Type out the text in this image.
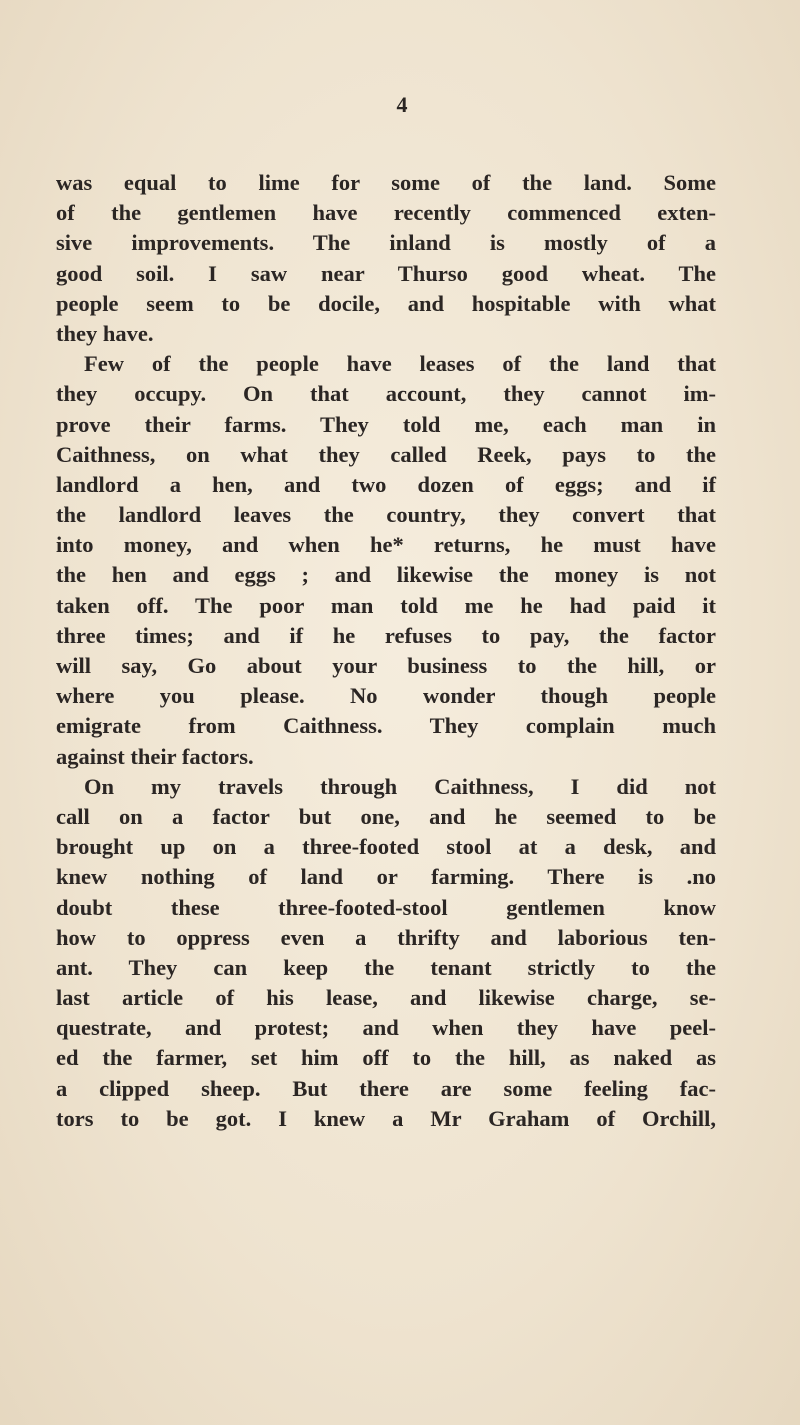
4
was equal to lime for some of the land. Some
of the gentlemen have recently commenced exten-
sive improvements. The inland is mostly of a
good soil. I saw near Thurso good wheat. The
people seem to be docile, and hospitable with what
they have.
Few of the people have leases of the land that
they occupy. On that account, they cannot im-
prove their farms. They told me, each man in
Caithness, on what they called Reek, pays to the
landlord a hen, and two dozen of eggs; and if
the landlord leaves the country, they convert that
into money, and when he* returns, he must have
the hen and eggs ; and likewise the money is not
taken off. The poor man told me he had paid it
three times; and if he refuses to pay, the factor
will say, Go about your business to the hill, or
where you please. No wonder though people
emigrate from Caithness. They complain much
against their factors.
On my travels through Caithness, I did not
call on a factor but one, and he seemed to be
brought up on a three-footed stool at a desk, and
knew nothing of land or farming. There is .no
doubt these three-footed-stool gentlemen know
how to oppress even a thrifty and laborious ten-
ant. They can keep the tenant strictly to the
last article of his lease, and likewise charge, se-
questrate, and protest; and when they have peel-
ed the farmer, set him off to the hill, as naked as
a clipped sheep. But there are some feeling fac-
tors to be got. I knew a Mr Graham of Orchill,
